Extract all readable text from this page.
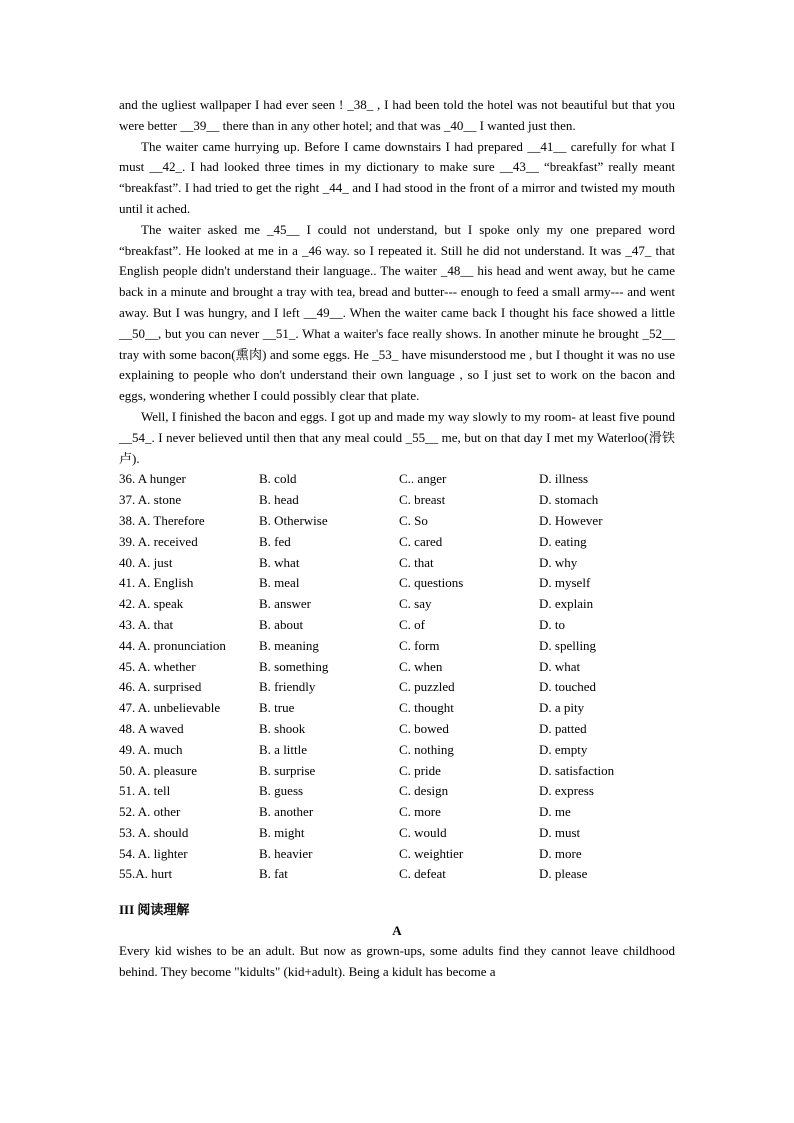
and the ugliest wallpaper I had ever seen ! _38_ , I had been told the hotel was not beautiful but that you were better __39__ there than in any other hotel; and that was _40__ I wanted just then.

The waiter came hurrying up. Before I came downstairs I had prepared __41__ carefully for what I must __42_. I had looked three times in my dictionary to make sure __43__ “breakfast” really meant “breakfast”. I had tried to get the right _44_ and I had stood in the front of a mirror and twisted my mouth until it ached.

The waiter asked me _45__ I could not understand, but I spoke only my one prepared word “breakfast”. He looked at me in a _46 way. so I repeated it. Still he did not understand. It was _47_ that English people didn't understand their language.. The waiter _48__ his head and went away, but he came back in a minute and brought a tray with tea, bread and butter--- enough to feed a small army--- and went away. But I was hungry, and I left __49__. When the waiter came back I thought his face showed a little __50__, but you can never __51_. What a waiter's face really shows. In another minute he brought _52__ tray with some bacon(熏肉) and some eggs. He _53_ have misunderstood me , but I thought it was no use explaining to people who don't understand their own language , so I just set to work on the bacon and eggs, wondering whether I could possibly clear that plate.

Well, I finished the bacon and eggs. I got up and made my way slowly to my room- at least five pound __54_. I never believed until then that any meal could _55__ me, but on that day I met my Waterloo(滑铁卢).

36. A hunger	B. cold	C.. anger	D. illness
37. A. stone	B. head	C. breast	D. stomach
38. A. Therefore	B. Otherwise	C. So	D. However
39. A. received	B. fed	C. cared	D. eating
40. A. just	B. what	C. that	D. why
41. A. English	B. meal	C. questions	D. myself
42. A. speak	B. answer	C. say	D. explain
43. A. that	B. about	C. of	D. to
44. A. pronunciation	B. meaning	C. form	D. spelling
45. A. whether	B. something	C. when	D. what
46. A. surprised	B. friendly	C. puzzled	D. touched
47. A. unbelievable	B. true	C. thought	D. a pity
48. A waved	B. shook	C. bowed	D. patted
49. A. much	B. a little	C. nothing	D. empty
50. A. pleasure	B. surprise	C. pride	D. satisfaction
51. A. tell	B. guess	C. design	D. express
52. A. other	B. another	C. more	D. me
53. A. should	B. might	C. would	D. must
54. A. lighter	B. heavier	C. weightier	D. more
55.A. hurt	B. fat	C. defeat	D. please
III 阅读理解
A

Every kid wishes to be an adult. But now as grown-ups, some adults find they cannot leave childhood behind. They become "kidults" (kid+adult). Being a kidult has become a
